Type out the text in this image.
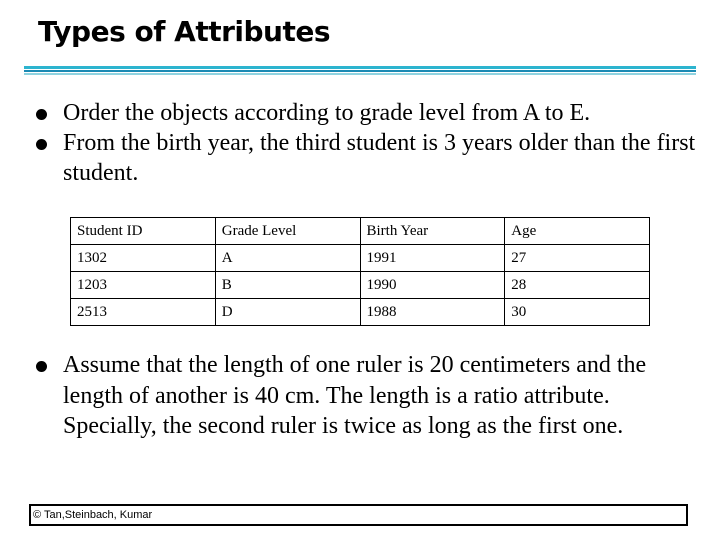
Types of Attributes
Order the objects according to grade level from A to E.
From the birth year, the third student is 3 years older than the first student.
Student ID	Grade Level	Birth Year	Age
1302	A	1991	27
1203	B	1990	28
2513	D	1988	30
Assume that the length of one ruler is 20 centimeters and the length of another is 40 cm. The length is a ratio attribute. Specially, the second ruler is twice as long as the first one.
© Tan,Steinbach, Kumar
